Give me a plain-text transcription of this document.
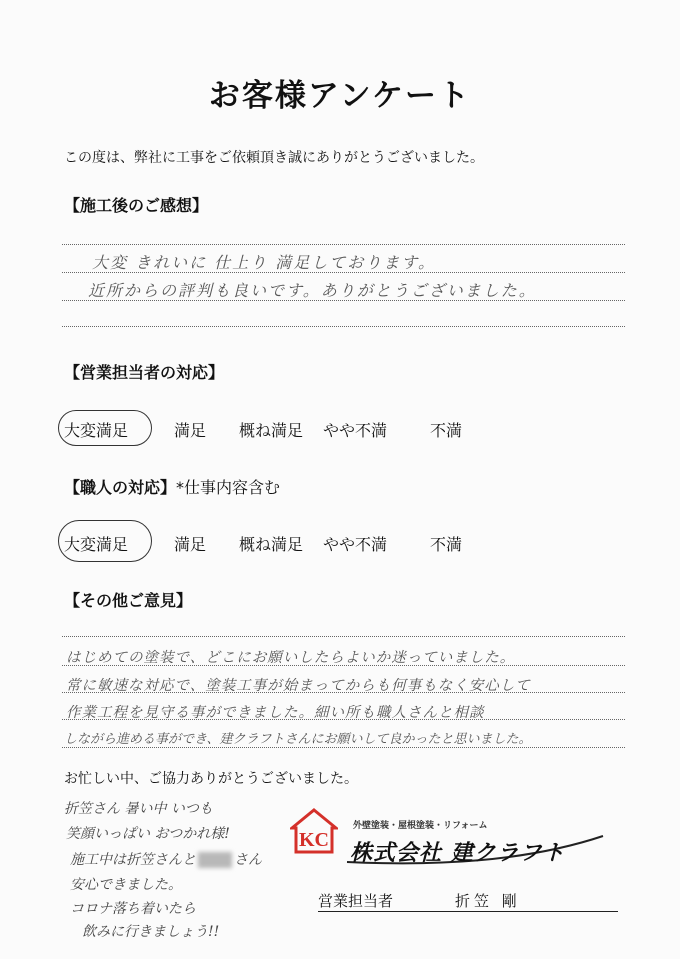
お客様アンケート
この度は、弊社に工事をご依頼頂き誠にありがとうございました。
【施工後のご感想】
大変 きれいに 仕上り 満足しております。
近所からの評判も良いです。ありがとうございました。
【営業担当者の対応】
大変満足	満足	概ね満足	やや不満	不満
【職人の対応】*仕事内容含む
大変満足	満足	概ね満足	やや不満	不満
【その他ご意見】
はじめての塗装で、どこにお願いしたらよいか迷っていました。
常に敏速な対応で、塗装工事が始まってからも何事もなく安心して
作業工程を見守る事ができました。細い所も職人さんと相談
しながら進める事ができ、建クラフトさんにお願いして良かったと思いました。
お忙しい中、ご協力ありがとうございました。
折笠さん 暑い中 いつも
笑顔いっぱい おつかれ様!
施工中は折笠さんと	さん
安心できました。
コロナ落ち着いたら
飲みに行きましょう!!
KC
外壁塗装・屋根塗装・リフォーム
株式会社 建クラフト
営業担当者	折笠 剛
